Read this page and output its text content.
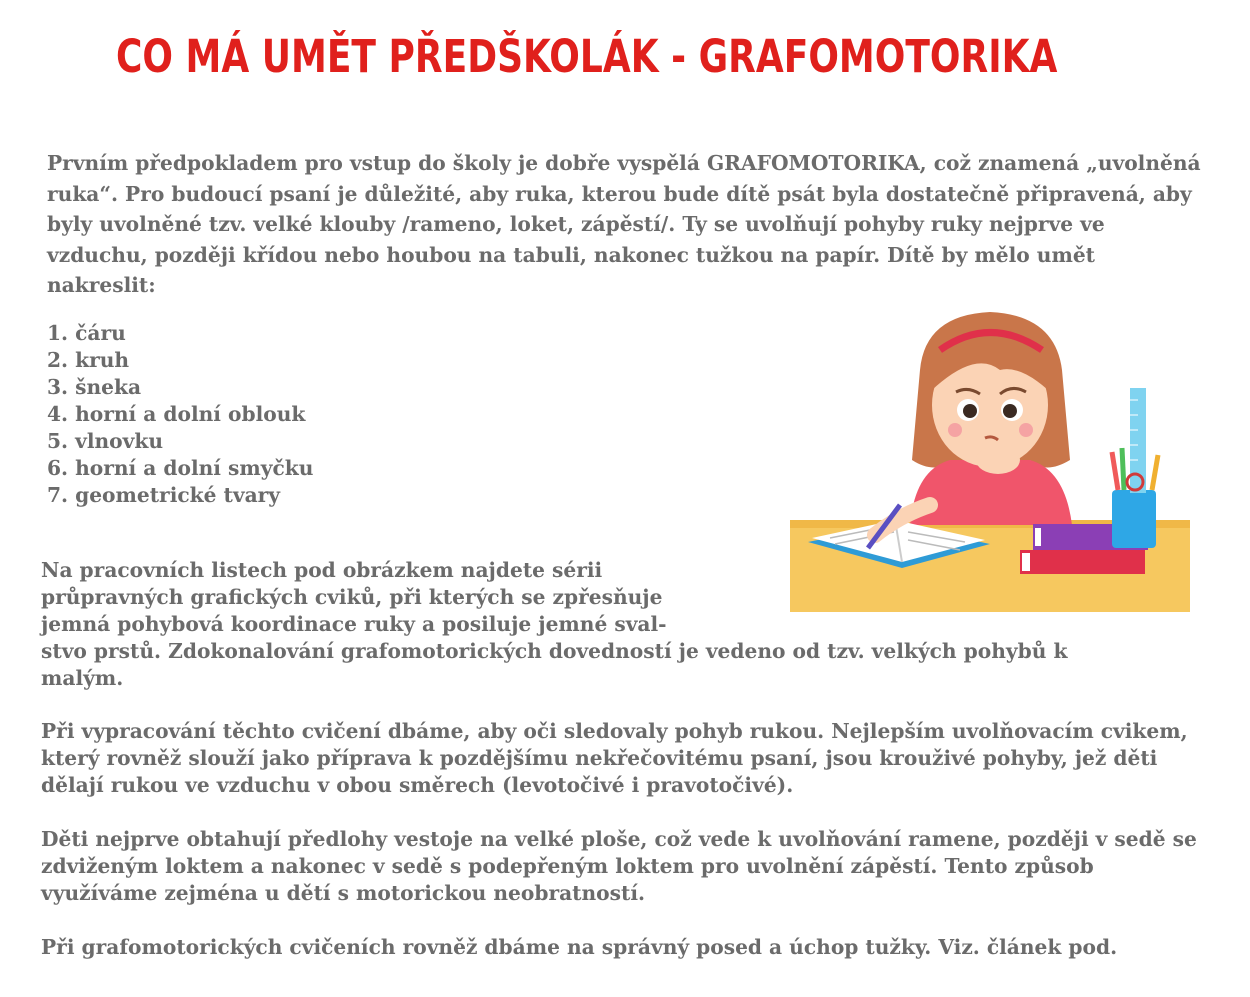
CO MÁ UMĚT PŘEDŠKOLÁK - GRAFOMOTORIKA

Prvním předpokladem pro vstup do školy je dobře vyspělá GRAFOMOTORIKA, což znamená „uvolněná ruka“. Pro budoucí psaní je důležité, aby ruka, kterou bude dítě psát byla dostatečně připravená, aby byly uvolněné tzv. velké klouby /rameno, loket, zápěstí/. Ty se uvolňují pohyby ruky nejprve ve vzduchu, později křídou nebo houbou na tabuli, nakonec tužkou na papír. Dítě by mělo umět nakreslit:

1. čáru
2. kruh
3. šneka
4. horní a dolní oblouk
5. vlnovku
6. horní a dolní smyčku
7. geometrické tvary
Na pracovních listech pod obrázkem najdete sérii
průpravných grafických cviků, při kterých se zpřesňuje
jemná pohybová koordinace ruky a posiluje jemné sval-
stvo prstů. Zdokonalování grafomotorických dovedností je vedeno od tzv. velkých pohybů k
malým.

Při vypracování těchto cvičení dbáme, aby oči sledovaly pohyb rukou. Nejlepším uvolňovacím cvikem, který rovněž slouží jako příprava k pozdějšímu nekřečovitému psaní, jsou krouživé pohyby, jež děti dělají rukou ve vzduchu v obou směrech (levotočivé i pravotočivé).

Děti nejprve obtahují předlohy vestoje na velké ploše, což vede k uvolňování ramene, později v sedě se zdviženým loktem a nakonec v sedě s podepřeným loktem pro uvolnění zápěstí. Tento způsob využíváme zejména u dětí s motorickou neobratností.

Při grafomotorických cvičeních rovněž dbáme na správný posed a úchop tužky. Viz. článek pod.
